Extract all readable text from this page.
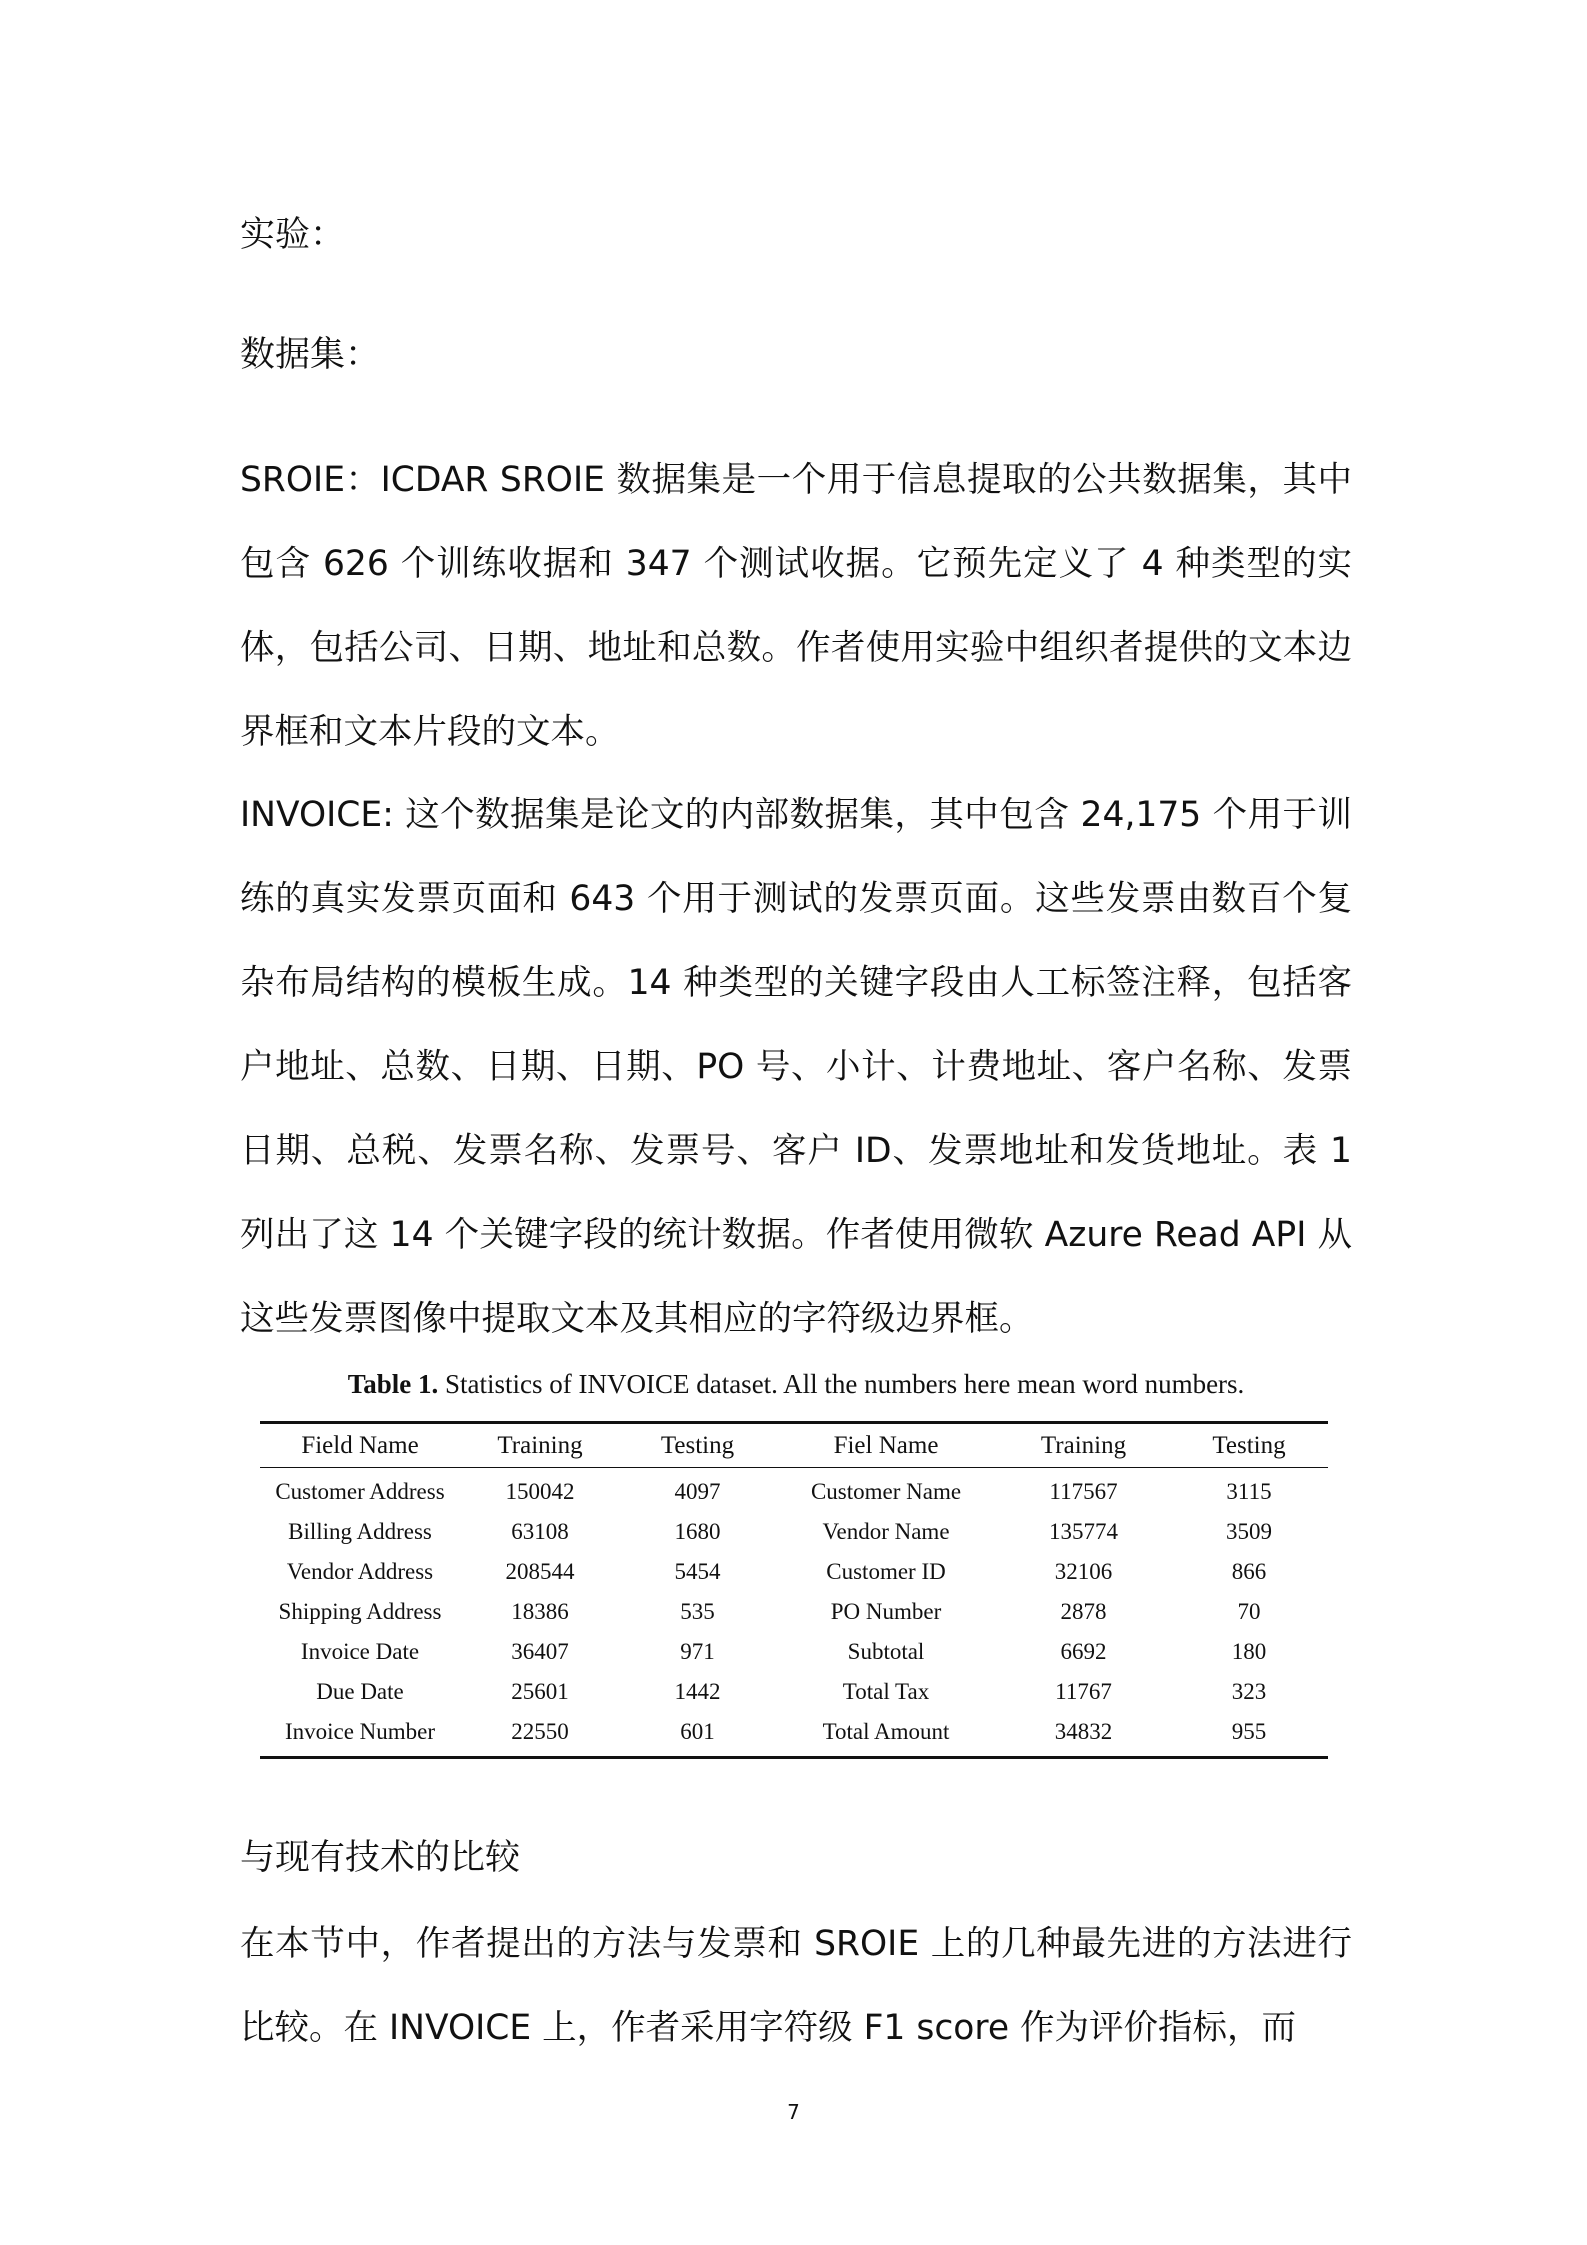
实验：
数据集：

SROIE：ICDAR SROIE 数据集是一个用于信息提取的公共数据集，其中包含 626 个训练收据和 347 个测试收据。它预先定义了 4 种类型的实体，包括公司、日期、地址和总数。作者使用实验中组织者提供的文本边界框和文本片段的文本。

INVOICE: 这个数据集是论文的内部数据集，其中包含 24,175 个用于训练的真实发票页面和 643 个用于测试的发票页面。这些发票由数百个复杂布局结构的模板生成。14 种类型的关键字段由人工标签注释，包括客户地址、总数、日期、日期、PO 号、小计、计费地址、客户名称、发票日期、总税、发票名称、发票号、客户 ID、发票地址和发货地址。表 1 列出了这 14 个关键字段的统计数据。作者使用微软 Azure Read API 从这些发票图像中提取文本及其相应的字符级边界框。

Table 1. Statistics of INVOICE dataset. All the numbers here mean word numbers.
Field Name	Training	Testing	Fiel Name	Training	Testing
Customer Address	150042	4097	Customer Name	117567	3115
Billing Address	63108	1680	Vendor Name	135774	3509
Vendor Address	208544	5454	Customer ID	32106	866
Shipping Address	18386	535	PO Number	2878	70
Invoice Date	36407	971	Subtotal	6692	180
Due Date	25601	1442	Total Tax	11767	323
Invoice Number	22550	601	Total Amount	34832	955
与现有技术的比较

在本节中，作者提出的方法与发票和 SROIE 上的几种最先进的方法进行比较。在 INVOICE 上，作者采用字符级 F1 score 作为评价指标，而

7
